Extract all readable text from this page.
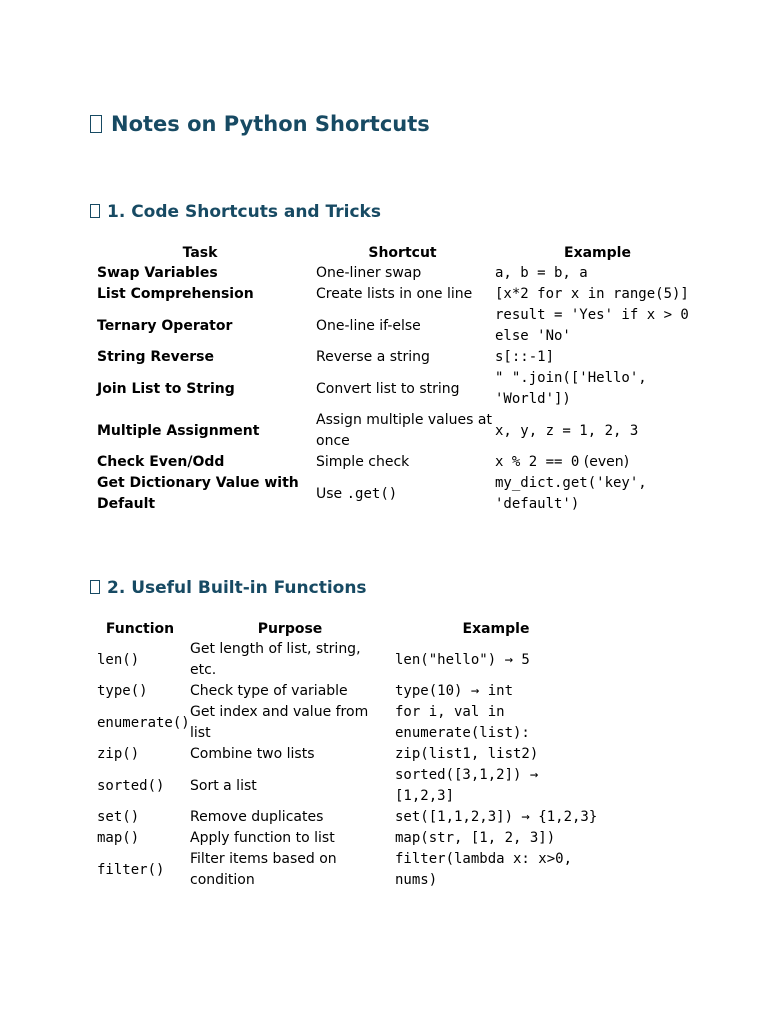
Notes on Python Shortcuts
1. Code Shortcuts and Tricks
Task	Shortcut	Example
Swap Variables	One-liner swap	a, b = b, a
List Comprehension	Create lists in one line	[x*2 for x in range(5)]
Ternary Operator	One-line if-else	result = 'Yes' if x > 0 else 'No'
String Reverse	Reverse a string	s[::-1]
Join List to String	Convert list to string	" ".join(['Hello', 'World'])
Multiple Assignment	Assign multiple values at once	x, y, z = 1, 2, 3
Check Even/Odd	Simple check	x % 2 == 0 (even)
Get Dictionary Value with Default	Use .get()	my_dict.get('key', 'default')
2. Useful Built-in Functions
Function	Purpose	Example
len()	Get length of list, string, etc.	len("hello") → 5
type()	Check type of variable	type(10) → int
enumerate()	Get index and value from list	for i, val in enumerate(list):
zip()	Combine two lists	zip(list1, list2)
sorted()	Sort a list	sorted([3,1,2]) → [1,2,3]
set()	Remove duplicates	set([1,1,2,3]) → {1,2,3}
map()	Apply function to list	map(str, [1, 2, 3])
filter()	Filter items based on condition	filter(lambda x: x>0, nums)
